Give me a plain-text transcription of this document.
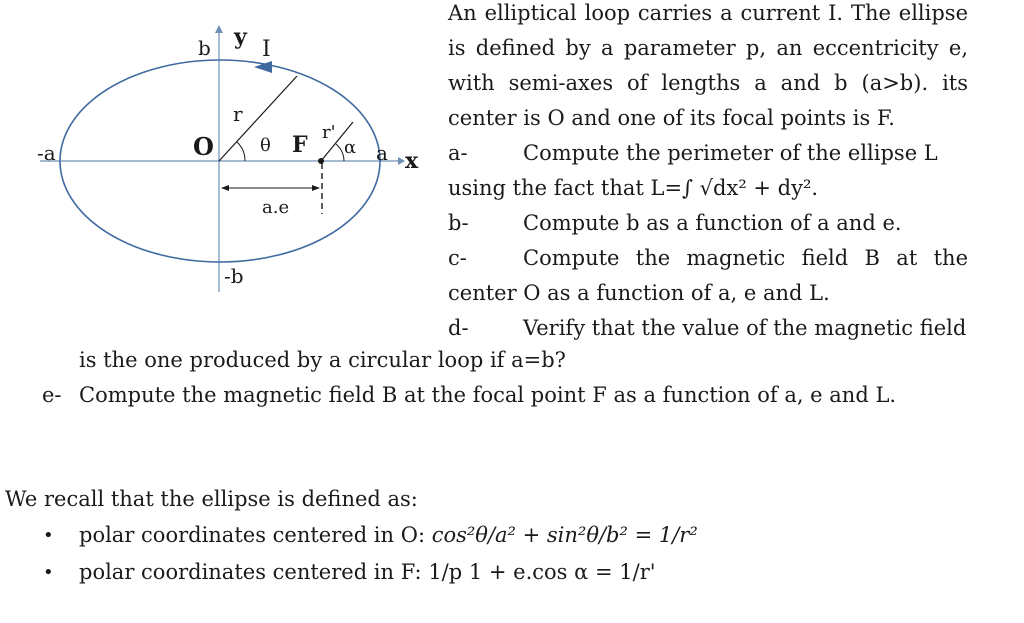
y I
b
-b
-a	a
O	F
r
r'
θ	α
x
a.e
An elliptical loop carries a current I. The ellipse
is defined by a parameter p, an eccentricity e,
with semi-axes of lengths a and b (a>b). its
center is O and one of its focal points is F.
a-	Compute the perimeter of the ellipse L
using the fact that L=∫ √dx² + dy².
b-	Compute b as a function of a and e.
c-	Compute the magnetic field B at the
center O as a function of a, e and L.
d-	Verify that the value of the magnetic field
is the one produced by a circular loop if a=b?
e- Compute the magnetic field B at the focal point F as a function of a, e and L.
We recall that the ellipse is defined as:
• polar coordinates centered in O: cos²θ/a² + sin²θ/b² = 1/r²
• polar coordinates centered in F: 1/p 1 + e.cos α = 1/r'
